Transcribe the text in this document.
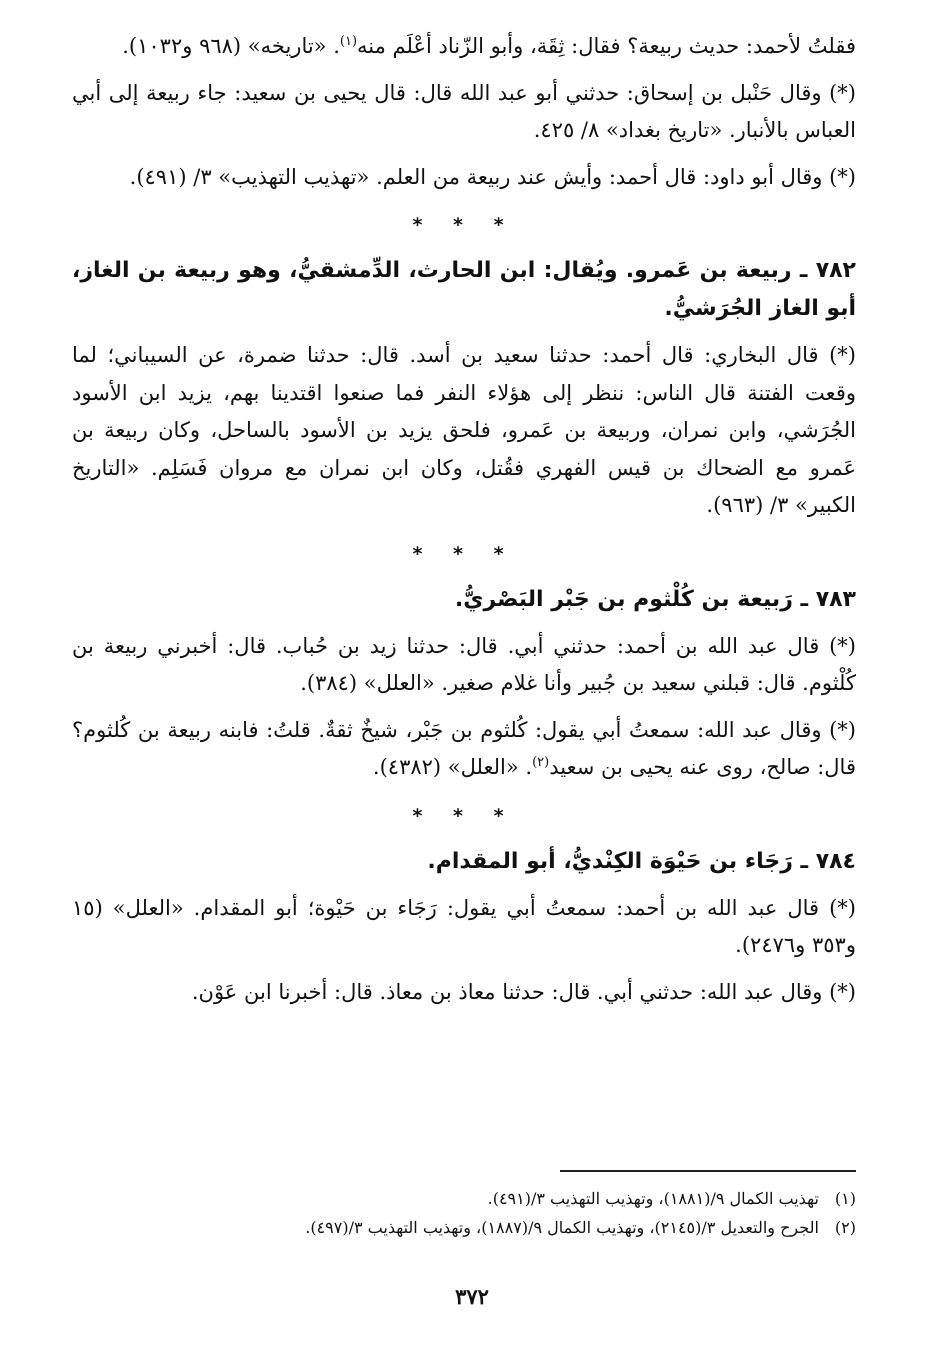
فقلتُ لأحمد: حديث ربيعة؟ فقال: ثِقَة، وأبو الزّناد أعْلَم منه$^{(١)}$. «تاريخه» (٩٦٨ و١٠٣٢).

(*) وقال حَنْبل بن إسحاق: حدثني أبو عبد الله قال: قال يحيى بن سعيد: جاء ربيعة إلى أبي العباس بالأنبار. «تاريخ بغداد» ٨/ ٤٢٥.

(*) وقال أبو داود: قال أحمد: وأيش عند ربيعة من العلم. «تهذيب التهذيب» ٣/ (٤٩١).

* * *
٧٨٢ ـ ربيعة بن عَمرو. ويُقال: ابن الحارث، الدِّمشقيُّ، وهو ربيعة بن الغاز، أبو الغاز الجُرَشيُّ.

(*) قال البخاري: قال أحمد: حدثنا سعيد بن أسد. قال: حدثنا ضمرة، عن السيباني؛ لما وقعت الفتنة قال الناس: ننظر إلى هؤلاء النفر فما صنعوا اقتدينا بهم، يزيد ابن الأسود الجُرَشي، وابن نمران، وربيعة بن عَمرو، فلحق يزيد بن الأسود بالساحل، وكان ربيعة بن عَمرو مع الضحاك بن قيس الفهري فقُتل، وكان ابن نمران مع مروان فَسَلِم. «التاريخ الكبير» ٣/ (٩٦٣).

* * *
٧٨٣ ـ رَبيعة بن كُلْثوم بن جَبْر البَصْريُّ.

(*) قال عبد الله بن أحمد: حدثني أبي. قال: حدثنا زيد بن حُباب. قال: أخبرني ربيعة بن كُلْثوم. قال: قبلني سعيد بن جُبير وأنا غلام صغير. «العلل» (٣٨٤).

(*) وقال عبد الله: سمعتُ أبي يقول: كُلثوم بن جَبْر، شيخٌ ثقةٌ. قلتُ: فابنه ربيعة بن كُلثوم؟ قال: صالح، روى عنه يحيى بن سعيد$^{(٢)}$. «العلل» (٤٣٨٢).

* * *
٧٨٤ ـ رَجَاء بن حَيْوَة الكِنْديُّ، أبو المقدام.

(*) قال عبد الله بن أحمد: سمعتُ أبي يقول: رَجَاء بن حَيْوة؛ أبو المقدام. «العلل» (١٥ و٣٥٣ و٢٤٧٦).

(*) وقال عبد الله: حدثني أبي. قال: حدثنا معاذ بن معاذ. قال: أخبرنا ابن عَوْن.

(١)تهذيب الكمال ٩/(١٨٨١)، وتهذيب التهذيب ٣/(٤٩١).

(٢)الجرح والتعديل ٣/(٢١٤٥)، وتهذيب الكمال ٩/(١٨٨٧)، وتهذيب التهذيب ٣/(٤٩٧).

٣٧٢
